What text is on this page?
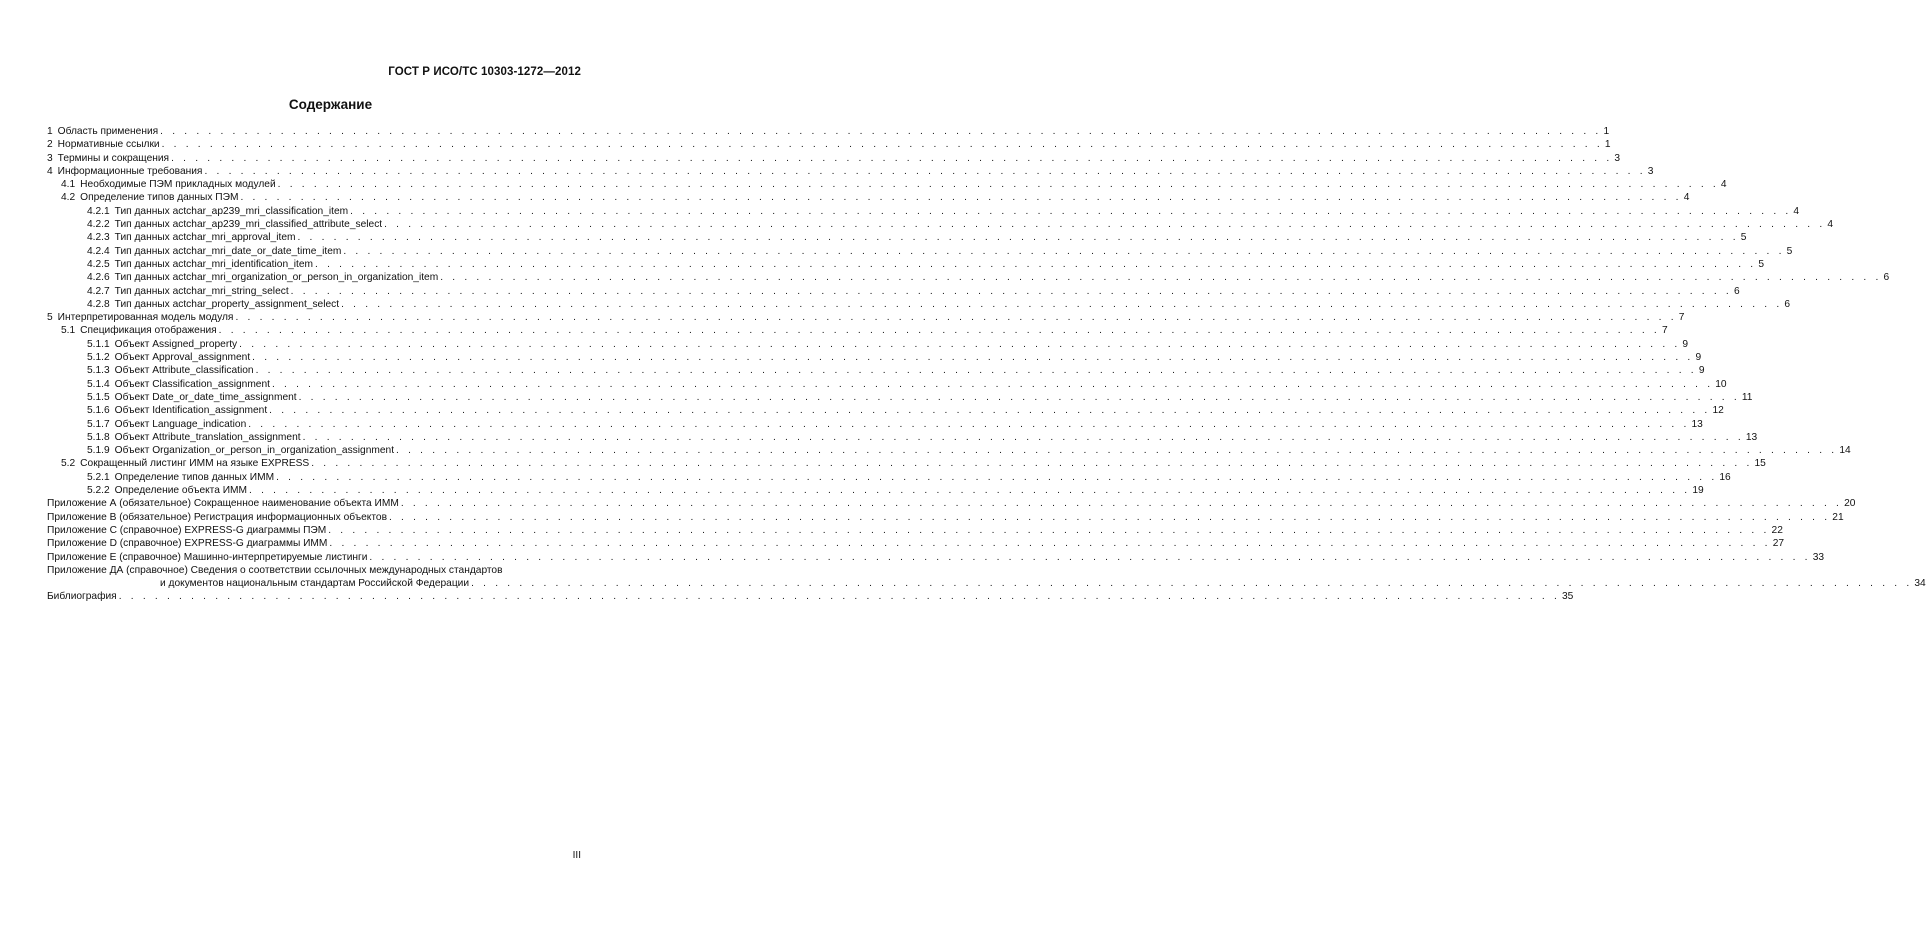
ГОСТ Р ИСО/ТС 10303-1272—2012
Содержание
1 Область применения . . . . . . . . . . . . . . . . . . . . . . . . . . . . . . . . . . . . . . . . . . . . . . . . . . . . . . . . . . . . . . . . . . . . . . . . . . . . . . . . . . . . . . . . . . . . . . . . . . . . . . . . . . . . . . . . . . . . . . . . 1
2 Нормативные ссылки . . . . . . . . . . . . . . . . . . . . . . . . . . . . . . . . . . . . . . . . . . . . . . . . . . . . . . . . . . . . . . . . . . . . . . . . . . . . . . . . . . . . . . . . . . . . . . . . . . . . . . . . . . . . . . . . . . . . . . . . 1
3 Термины и сокращения . . . . . . . . . . . . . . . . . . . . . . . . . . . . . . . . . . . . . . . . . . . . . . . . . . . . . . . . . . . . . . . . . . . . . . . . . . . . . . . . . . . . . . . . . . . . . . . . . . . . . . . . . . . . . . . . . . . . . . . . 3
4 Информационные требования . . . . . . . . . . . . . . . . . . . . . . . . . . . . . . . . . . . . . . . . . . . . . . . . . . . . . . . . . . . . . . . . . . . . . . . . . . . . . . . . . . . . . . . . . . . . . . . . . . . . . . . . . . . . . . . . . . . . . . . . 3
4.1 Необходимые ПЭМ прикладных модулей . . . . . . . . . . . . . . . . . . . . . . . . . . . . . . . . . . . . . . . . . . . . . . . . . . . . . . . . . . . . . . . . . . . . . . . . . . . . . . . . . . . . . . . . . . . . . . . . . . . . . . . . . . . . . . . . . . . . . . . . 4
4.2 Определение типов данных ПЭМ . . . . . . . . . . . . . . . . . . . . . . . . . . . . . . . . . . . . . . . . . . . . . . . . . . . . . . . . . . . . . . . . . . . . . . . . . . . . . . . . . . . . . . . . . . . . . . . . . . . . . . . . . . . . . . . . . . . . . . . . 4
4.2.1 Тип данных actchar_ap239_mri_classification_item . . . . . . . . . . . . . . . . . . . . . . . . . . . . . . . . . . . . . . . . . . . . . . . . . . . . . . . . . . . . . . . . . . . . . . . . . . . . . . . . . . . . . . . . . . . . . . . . . . . . . . . . . . . . . . . . . . . . . . . . 4
4.2.2 Тип данных actchar_ap239_mri_classified_attribute_select . . . . . . . . . . . . . . . . . . . . . . . . . . . . . . . . . . . . . . . . . . . . . . . . . . . . . . . . . . . . . . . . . . . . . . . . . . . . . . . . . . . . . . . . . . . . . . . . . . . . . . . . . . . . . . . . . . . . . . . . 4
4.2.3 Тип данных actchar_mri_approval_item . . . . . . . . . . . . . . . . . . . . . . . . . . . . . . . . . . . . . . . . . . . . . . . . . . . . . . . . . . . . . . . . . . . . . . . . . . . . . . . . . . . . . . . . . . . . . . . . . . . . . . . . . . . . . . . . . . . . . . . . 5
4.2.4 Тип данных actchar_mri_date_or_date_time_item . . . . . . . . . . . . . . . . . . . . . . . . . . . . . . . . . . . . . . . . . . . . . . . . . . . . . . . . . . . . . . . . . . . . . . . . . . . . . . . . . . . . . . . . . . . . . . . . . . . . . . . . . . . . . . . . . . . . . . . . 5
4.2.5 Тип данных actchar_mri_identification_item . . . . . . . . . . . . . . . . . . . . . . . . . . . . . . . . . . . . . . . . . . . . . . . . . . . . . . . . . . . . . . . . . . . . . . . . . . . . . . . . . . . . . . . . . . . . . . . . . . . . . . . . . . . . . . . . . . . . . . . . 5
4.2.6 Тип данных actchar_mri_organization_or_person_in_organization_item . . . . . . . . . . . . . . . . . . . . . . . . . . . . . . . . . . . . . . . . . . . . . . . . . . . . . . . . . . . . . . . . . . . . . . . . . . . . . . . . . . . . . . . . . . . . . . . . . . . . . . . . . . . . . . . . . . . . . . . . 6
4.2.7 Тип данных actchar_mri_string_select . . . . . . . . . . . . . . . . . . . . . . . . . . . . . . . . . . . . . . . . . . . . . . . . . . . . . . . . . . . . . . . . . . . . . . . . . . . . . . . . . . . . . . . . . . . . . . . . . . . . . . . . . . . . . . . . . . . . . . . . 6
4.2.8 Тип данных actchar_property_assignment_select . . . . . . . . . . . . . . . . . . . . . . . . . . . . . . . . . . . . . . . . . . . . . . . . . . . . . . . . . . . . . . . . . . . . . . . . . . . . . . . . . . . . . . . . . . . . . . . . . . . . . . . . . . . . . . . . . . . . . . . . 6
5 Интерпретированная модель модуля . . . . . . . . . . . . . . . . . . . . . . . . . . . . . . . . . . . . . . . . . . . . . . . . . . . . . . . . . . . . . . . . . . . . . . . . . . . . . . . . . . . . . . . . . . . . . . . . . . . . . . . . . . . . . . . . . . . . . . . . 7
5.1 Спецификация отображения . . . . . . . . . . . . . . . . . . . . . . . . . . . . . . . . . . . . . . . . . . . . . . . . . . . . . . . . . . . . . . . . . . . . . . . . . . . . . . . . . . . . . . . . . . . . . . . . . . . . . . . . . . . . . . . . . . . . . . . . 7
5.1.1 Объект Assigned_property . . . . . . . . . . . . . . . . . . . . . . . . . . . . . . . . . . . . . . . . . . . . . . . . . . . . . . . . . . . . . . . . . . . . . . . . . . . . . . . . . . . . . . . . . . . . . . . . . . . . . . . . . . . . . . . . . . . . . . . . 9
5.1.2 Объект Approval_assignment . . . . . . . . . . . . . . . . . . . . . . . . . . . . . . . . . . . . . . . . . . . . . . . . . . . . . . . . . . . . . . . . . . . . . . . . . . . . . . . . . . . . . . . . . . . . . . . . . . . . . . . . . . . . . . . . . . . . . . . . 9
5.1.3 Объект Attribute_classification . . . . . . . . . . . . . . . . . . . . . . . . . . . . . . . . . . . . . . . . . . . . . . . . . . . . . . . . . . . . . . . . . . . . . . . . . . . . . . . . . . . . . . . . . . . . . . . . . . . . . . . . . . . . . . . . . . . . . . . . 9
5.1.4 Объект Classification_assignment . . . . . . . . . . . . . . . . . . . . . . . . . . . . . . . . . . . . . . . . . . . . . . . . . . . . . . . . . . . . . . . . . . . . . . . . . . . . . . . . . . . . . . . . . . . . . . . . . . . . . . . . . . . . . . . . . . . . . . . . 10
5.1.5 Объект Date_or_date_time_assignment . . . . . . . . . . . . . . . . . . . . . . . . . . . . . . . . . . . . . . . . . . . . . . . . . . . . . . . . . . . . . . . . . . . . . . . . . . . . . . . . . . . . . . . . . . . . . . . . . . . . . . . . . . . . . . . . . . . . . . . . 11
5.1.6 Объект Identification_assignment . . . . . . . . . . . . . . . . . . . . . . . . . . . . . . . . . . . . . . . . . . . . . . . . . . . . . . . . . . . . . . . . . . . . . . . . . . . . . . . . . . . . . . . . . . . . . . . . . . . . . . . . . . . . . . . . . . . . . . . . 12
5.1.7 Объект Language_indication . . . . . . . . . . . . . . . . . . . . . . . . . . . . . . . . . . . . . . . . . . . . . . . . . . . . . . . . . . . . . . . . . . . . . . . . . . . . . . . . . . . . . . . . . . . . . . . . . . . . . . . . . . . . . . . . . . . . . . . . 13
5.1.8 Объект Attribute_translation_assignment . . . . . . . . . . . . . . . . . . . . . . . . . . . . . . . . . . . . . . . . . . . . . . . . . . . . . . . . . . . . . . . . . . . . . . . . . . . . . . . . . . . . . . . . . . . . . . . . . . . . . . . . . . . . . . . . . . . . . . . . 13
5.1.9 Объект Organization_or_person_in_organization_assignment . . . . . . . . . . . . . . . . . . . . . . . . . . . . . . . . . . . . . . . . . . . . . . . . . . . . . . . . . . . . . . . . . . . . . . . . . . . . . . . . . . . . . . . . . . . . . . . . . . . . . . . . . . . . . . . . . . . . . . . . 14
5.2 Сокращенный листинг ИММ на языке EXPRESS . . . . . . . . . . . . . . . . . . . . . . . . . . . . . . . . . . . . . . . . . . . . . . . . . . . . . . . . . . . . . . . . . . . . . . . . . . . . . . . . . . . . . . . . . . . . . . . . . . . . . . . . . . . . . . . . . . . . . . . . 15
5.2.1 Определение типов данных ИММ . . . . . . . . . . . . . . . . . . . . . . . . . . . . . . . . . . . . . . . . . . . . . . . . . . . . . . . . . . . . . . . . . . . . . . . . . . . . . . . . . . . . . . . . . . . . . . . . . . . . . . . . . . . . . . . . . . . . . . . . 16
5.2.2 Определение объекта ИММ . . . . . . . . . . . . . . . . . . . . . . . . . . . . . . . . . . . . . . . . . . . . . . . . . . . . . . . . . . . . . . . . . . . . . . . . . . . . . . . . . . . . . . . . . . . . . . . . . . . . . . . . . . . . . . . . . . . . . . . . 19
Приложение А (обязательное) Сокращенное наименование объекта ИММ . . . . . . . . . . . . . . . . . . . . . . . . . . . . . . . . . . . . . . . . . . . . . . . . . . . . . . . . . . . . . . . . . . . . . . . . . . . . . . . . . . . . . . . . . . . . . . . . . . . . . . . . . . . . . . . . . . . . . . . . 20
Приложение В (обязательное) Регистрация информационных объектов . . . . . . . . . . . . . . . . . . . . . . . . . . . . . . . . . . . . . . . . . . . . . . . . . . . . . . . . . . . . . . . . . . . . . . . . . . . . . . . . . . . . . . . . . . . . . . . . . . . . . . . . . . . . . . . . . . . . . . . . 21
Приложение С (справочное) EXPRESS-G диаграммы ПЭМ . . . . . . . . . . . . . . . . . . . . . . . . . . . . . . . . . . . . . . . . . . . . . . . . . . . . . . . . . . . . . . . . . . . . . . . . . . . . . . . . . . . . . . . . . . . . . . . . . . . . . . . . . . . . . . . . . . . . . . . . 22
Приложение D (справочное) EXPRESS-G диаграммы ИММ . . . . . . . . . . . . . . . . . . . . . . . . . . . . . . . . . . . . . . . . . . . . . . . . . . . . . . . . . . . . . . . . . . . . . . . . . . . . . . . . . . . . . . . . . . . . . . . . . . . . . . . . . . . . . . . . . . . . . . . . 27
Приложение Е (справочное) Машинно-интерпретируемые листинги . . . . . . . . . . . . . . . . . . . . . . . . . . . . . . . . . . . . . . . . . . . . . . . . . . . . . . . . . . . . . . . . . . . . . . . . . . . . . . . . . . . . . . . . . . . . . . . . . . . . . . . . . . . . . . . . . . . . . . . . 33
Приложение ДА (справочное) Сведения о соответствии ссылочных международных стандартов
и документов национальным стандартам Российской Федерации . . . . . . . . . . . . . . . . . . . . . . . . . . . . . . . . . . . . . . . . . . . . . . . . . . . . . . . . . . . . . . . . . . . . . . . . . . . . . . . . . . . . . . . . . . . . . . . . . . . . . . . . . . . . . . . . . . . . . . . . 34
Библиография . . . . . . . . . . . . . . . . . . . . . . . . . . . . . . . . . . . . . . . . . . . . . . . . . . . . . . . . . . . . . . . . . . . . . . . . . . . . . . . . . . . . . . . . . . . . . . . . . . . . . . . . . . . . . . . . . . . . . . . . 35
III
